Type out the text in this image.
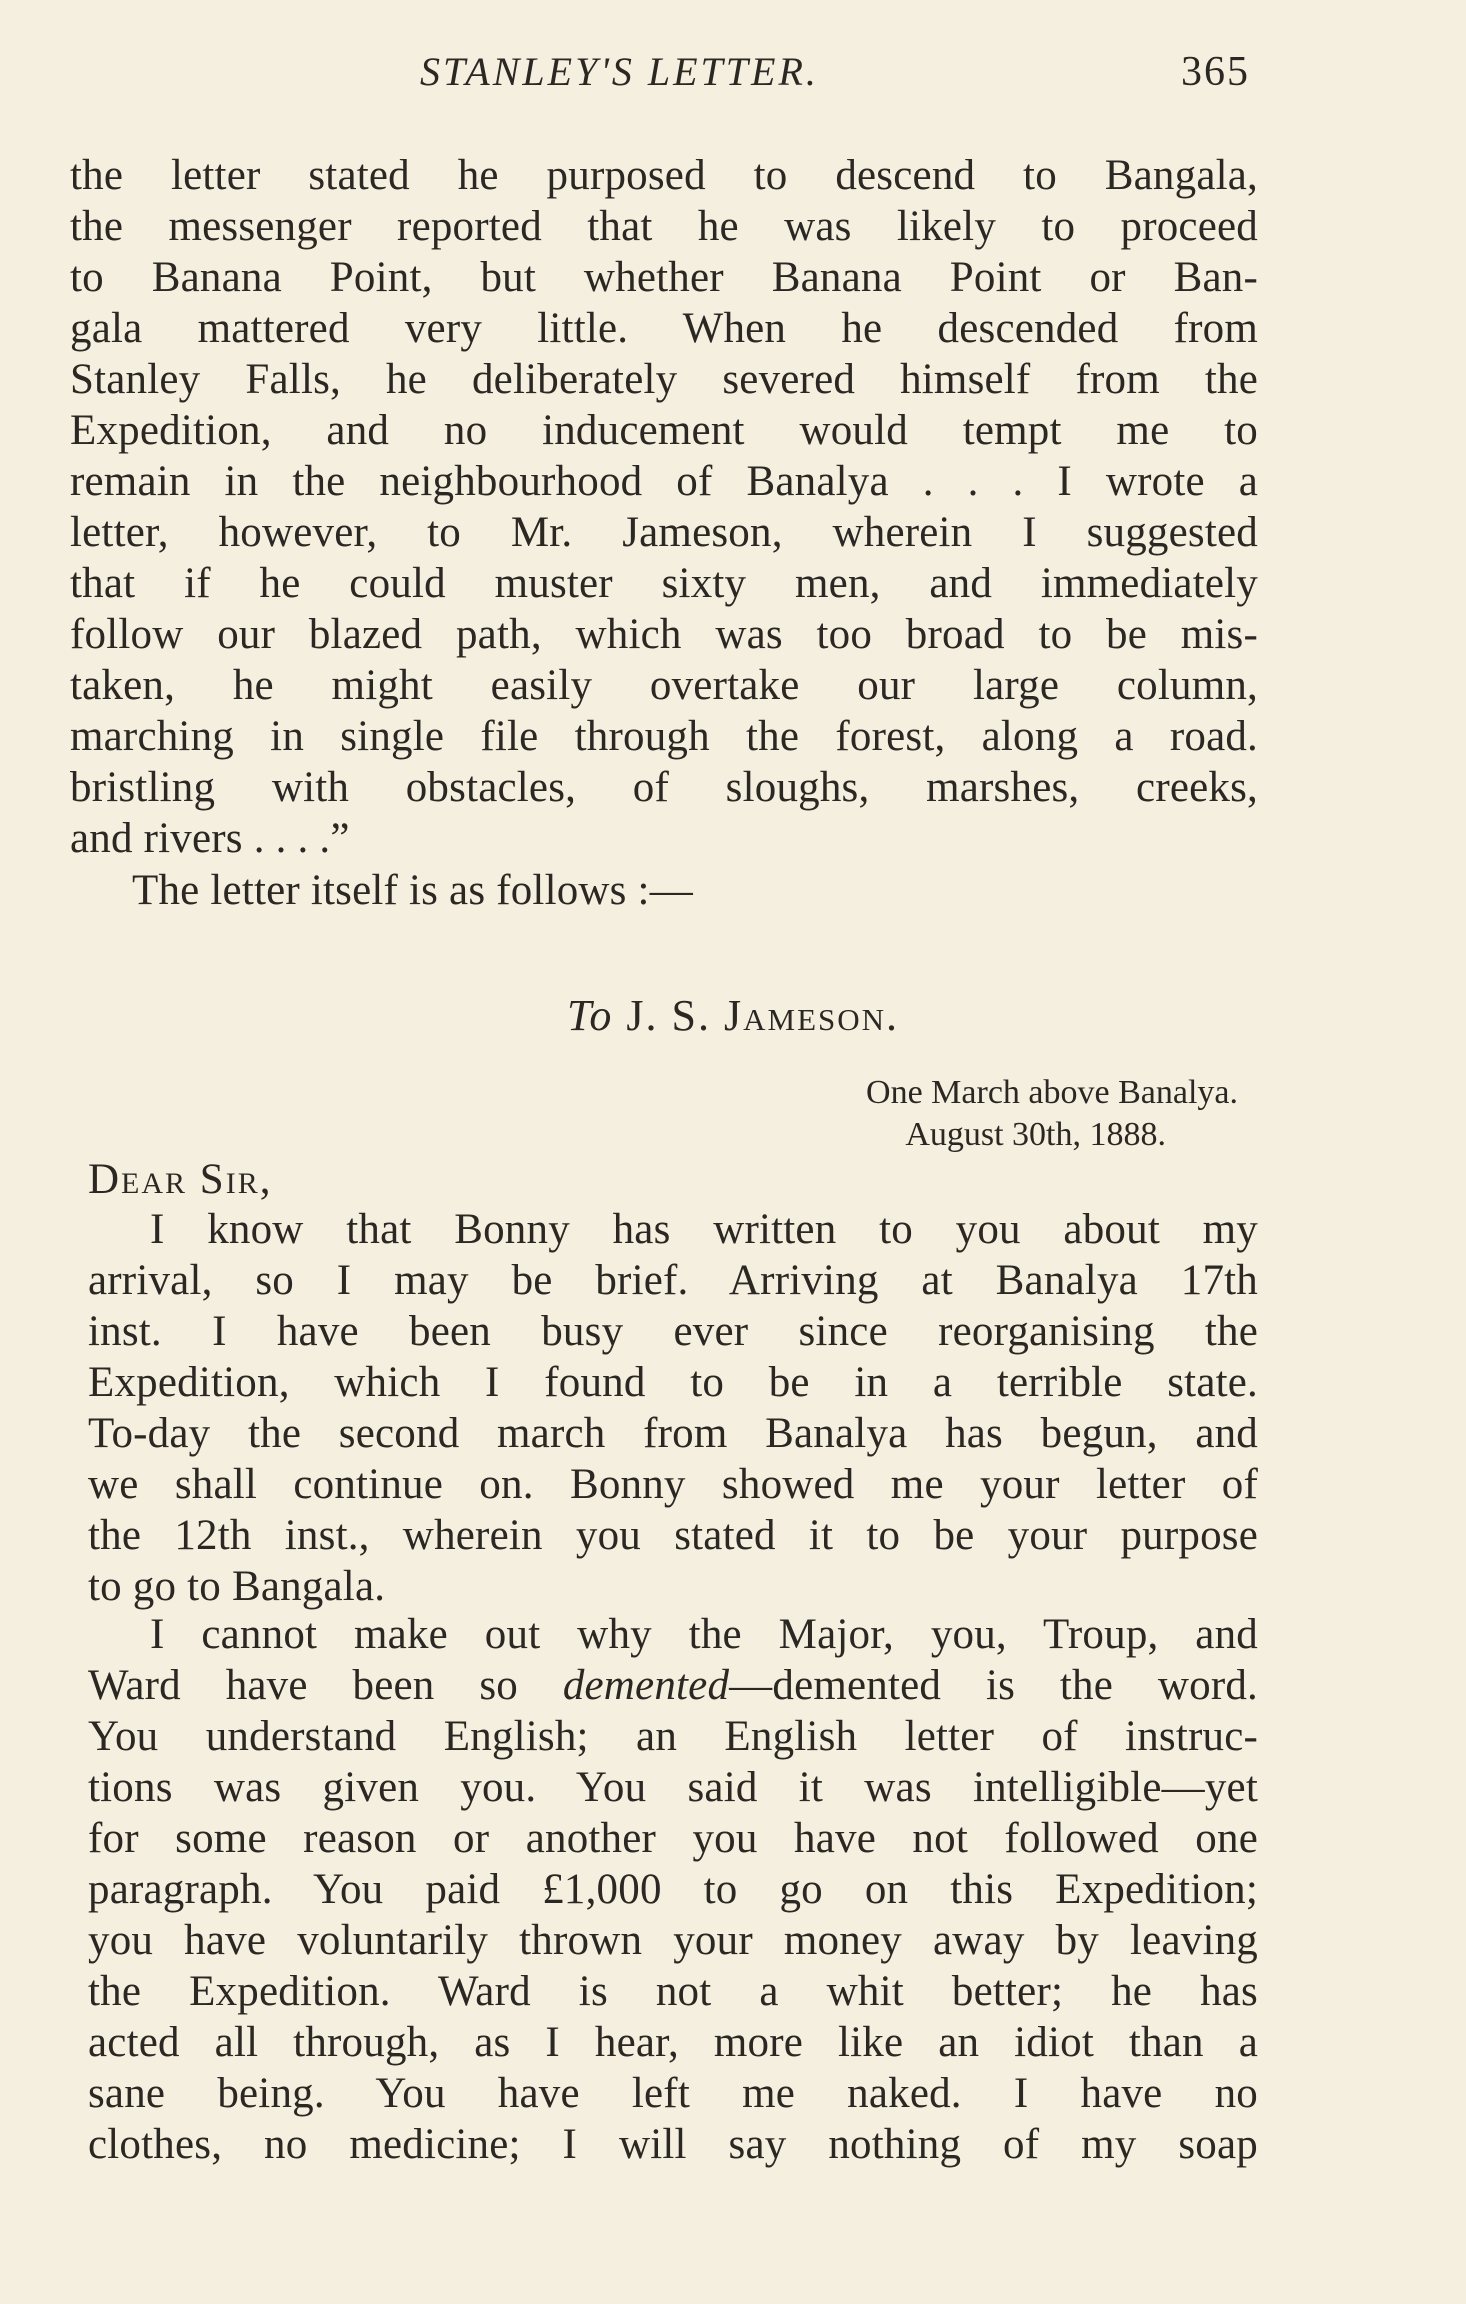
STANLEY'S LETTER.	365
the letter stated he purposed to descend to Bangala,
the messenger reported that he was likely to proceed
to Banana Point, but whether Banana Point or Ban-
gala mattered very little. When he descended from
Stanley Falls, he deliberately severed himself from the
Expedition, and no inducement would tempt me to
remain in the neighbourhood of Banalya . . . I wrote a
letter, however, to Mr. Jameson, wherein I suggested
that if he could muster sixty men, and immediately
follow our blazed path, which was too broad to be mis-
taken, he might easily overtake our large column,
marching in single file through the forest, along a road.
bristling with obstacles, of sloughs, marshes, creeks,
and rivers . . . .”
The letter itself is as follows :—
To J. S. Jameson.
One March above Banalya.
August 30th, 1888.
Dear Sir,
I know that Bonny has written to you about my
arrival, so I may be brief. Arriving at Banalya 17th
inst. I have been busy ever since reorganising the
Expedition, which I found to be in a terrible state.
To-day the second march from Banalya has begun, and
we shall continue on. Bonny showed me your letter of
the 12th inst., wherein you stated it to be your purpose
to go to Bangala.
I cannot make out why the Major, you, Troup, and
Ward have been so demented—demented is the word.
You understand English; an English letter of instruc-
tions was given you. You said it was intelligible—yet
for some reason or another you have not followed one
paragraph. You paid £1,000 to go on this Expedition;
you have voluntarily thrown your money away by leaving
the Expedition. Ward is not a whit better; he has
acted all through, as I hear, more like an idiot than a
sane being. You have left me naked. I have no
clothes, no medicine; I will say nothing of my soap
